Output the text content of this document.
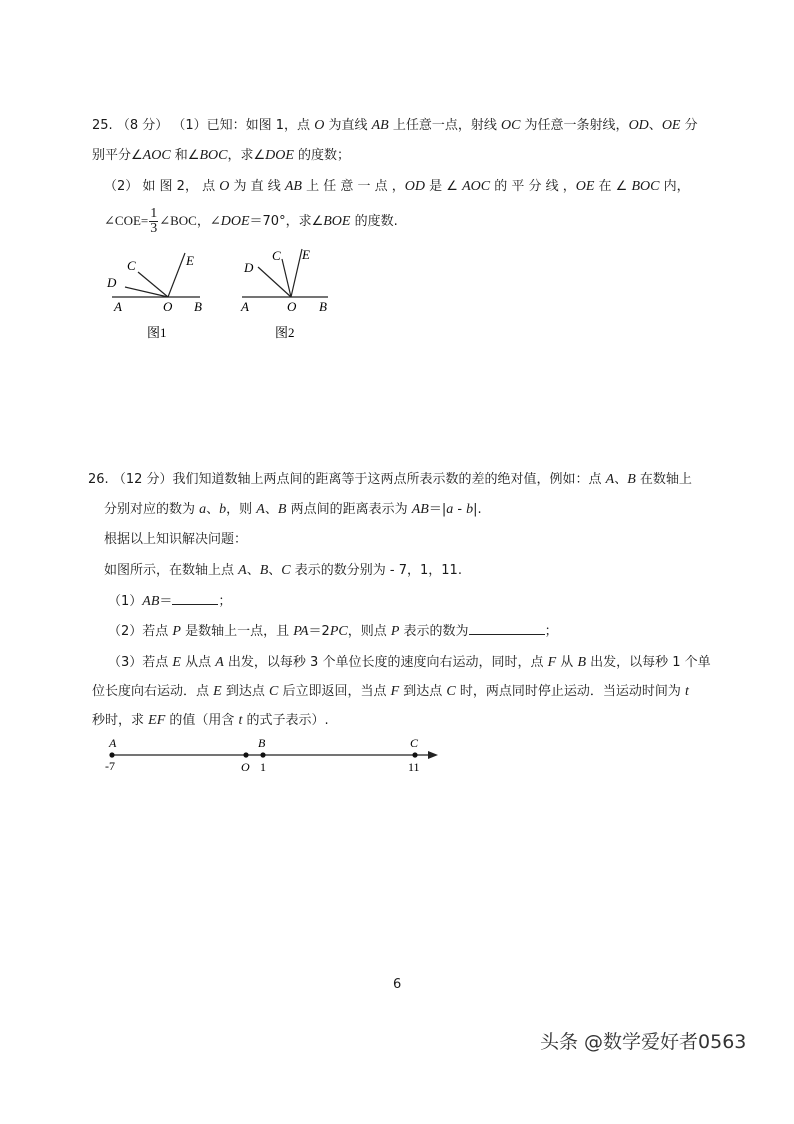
25. （8 分） （1）已知：如图 1，点 O 为直线 AB 上任意一点，射线 OC 为任意一条射线，OD、OE 分
别平分∠AOC 和∠BOC，求∠DOE 的度数；
（2） 如 图 2， 点 O 为 直 线 AB 上 任 意 一 点 ，OD 是 ∠ AOC 的 平 分 线 ，OE 在 ∠ BOC 内，
∠COE= $\frac{1}{3}$ ∠BOC，∠DOE＝70°，求∠BOE 的度数.
A	O B
C
D
E
图1
A	O B
C
D
E
图2
26. （12 分）我们知道数轴上两点间的距离等于这两点所表示数的差的绝对值，例如：点 A、B 在数轴上
分别对应的数为 a、b，则 A、B 两点间的距离表示为 AB＝|a - b|.
根据以上知识解决问题：
如图所示，在数轴上点 A、B、C 表示的数分别为 - 7，1，11.
（1）AB＝	；
（2）若点 P 是数轴上一点，且 PA＝2PC，则点 P 表示的数为	；
（3）若点 E 从点 A 出发，以每秒 3 个单位长度的速度向右运动，同时，点 F 从 B 出发，以每秒 1 个单
位长度向右运动．点 E 到达点 C 后立即返回，当点 F 到达点 C 时，两点同时停止运动．当运动时间为 t
秒时，求 EF 的值（用含 t 的式子表示）.
A	B	C
-7	O 1	11
6
头条 @数学爱好者0563
